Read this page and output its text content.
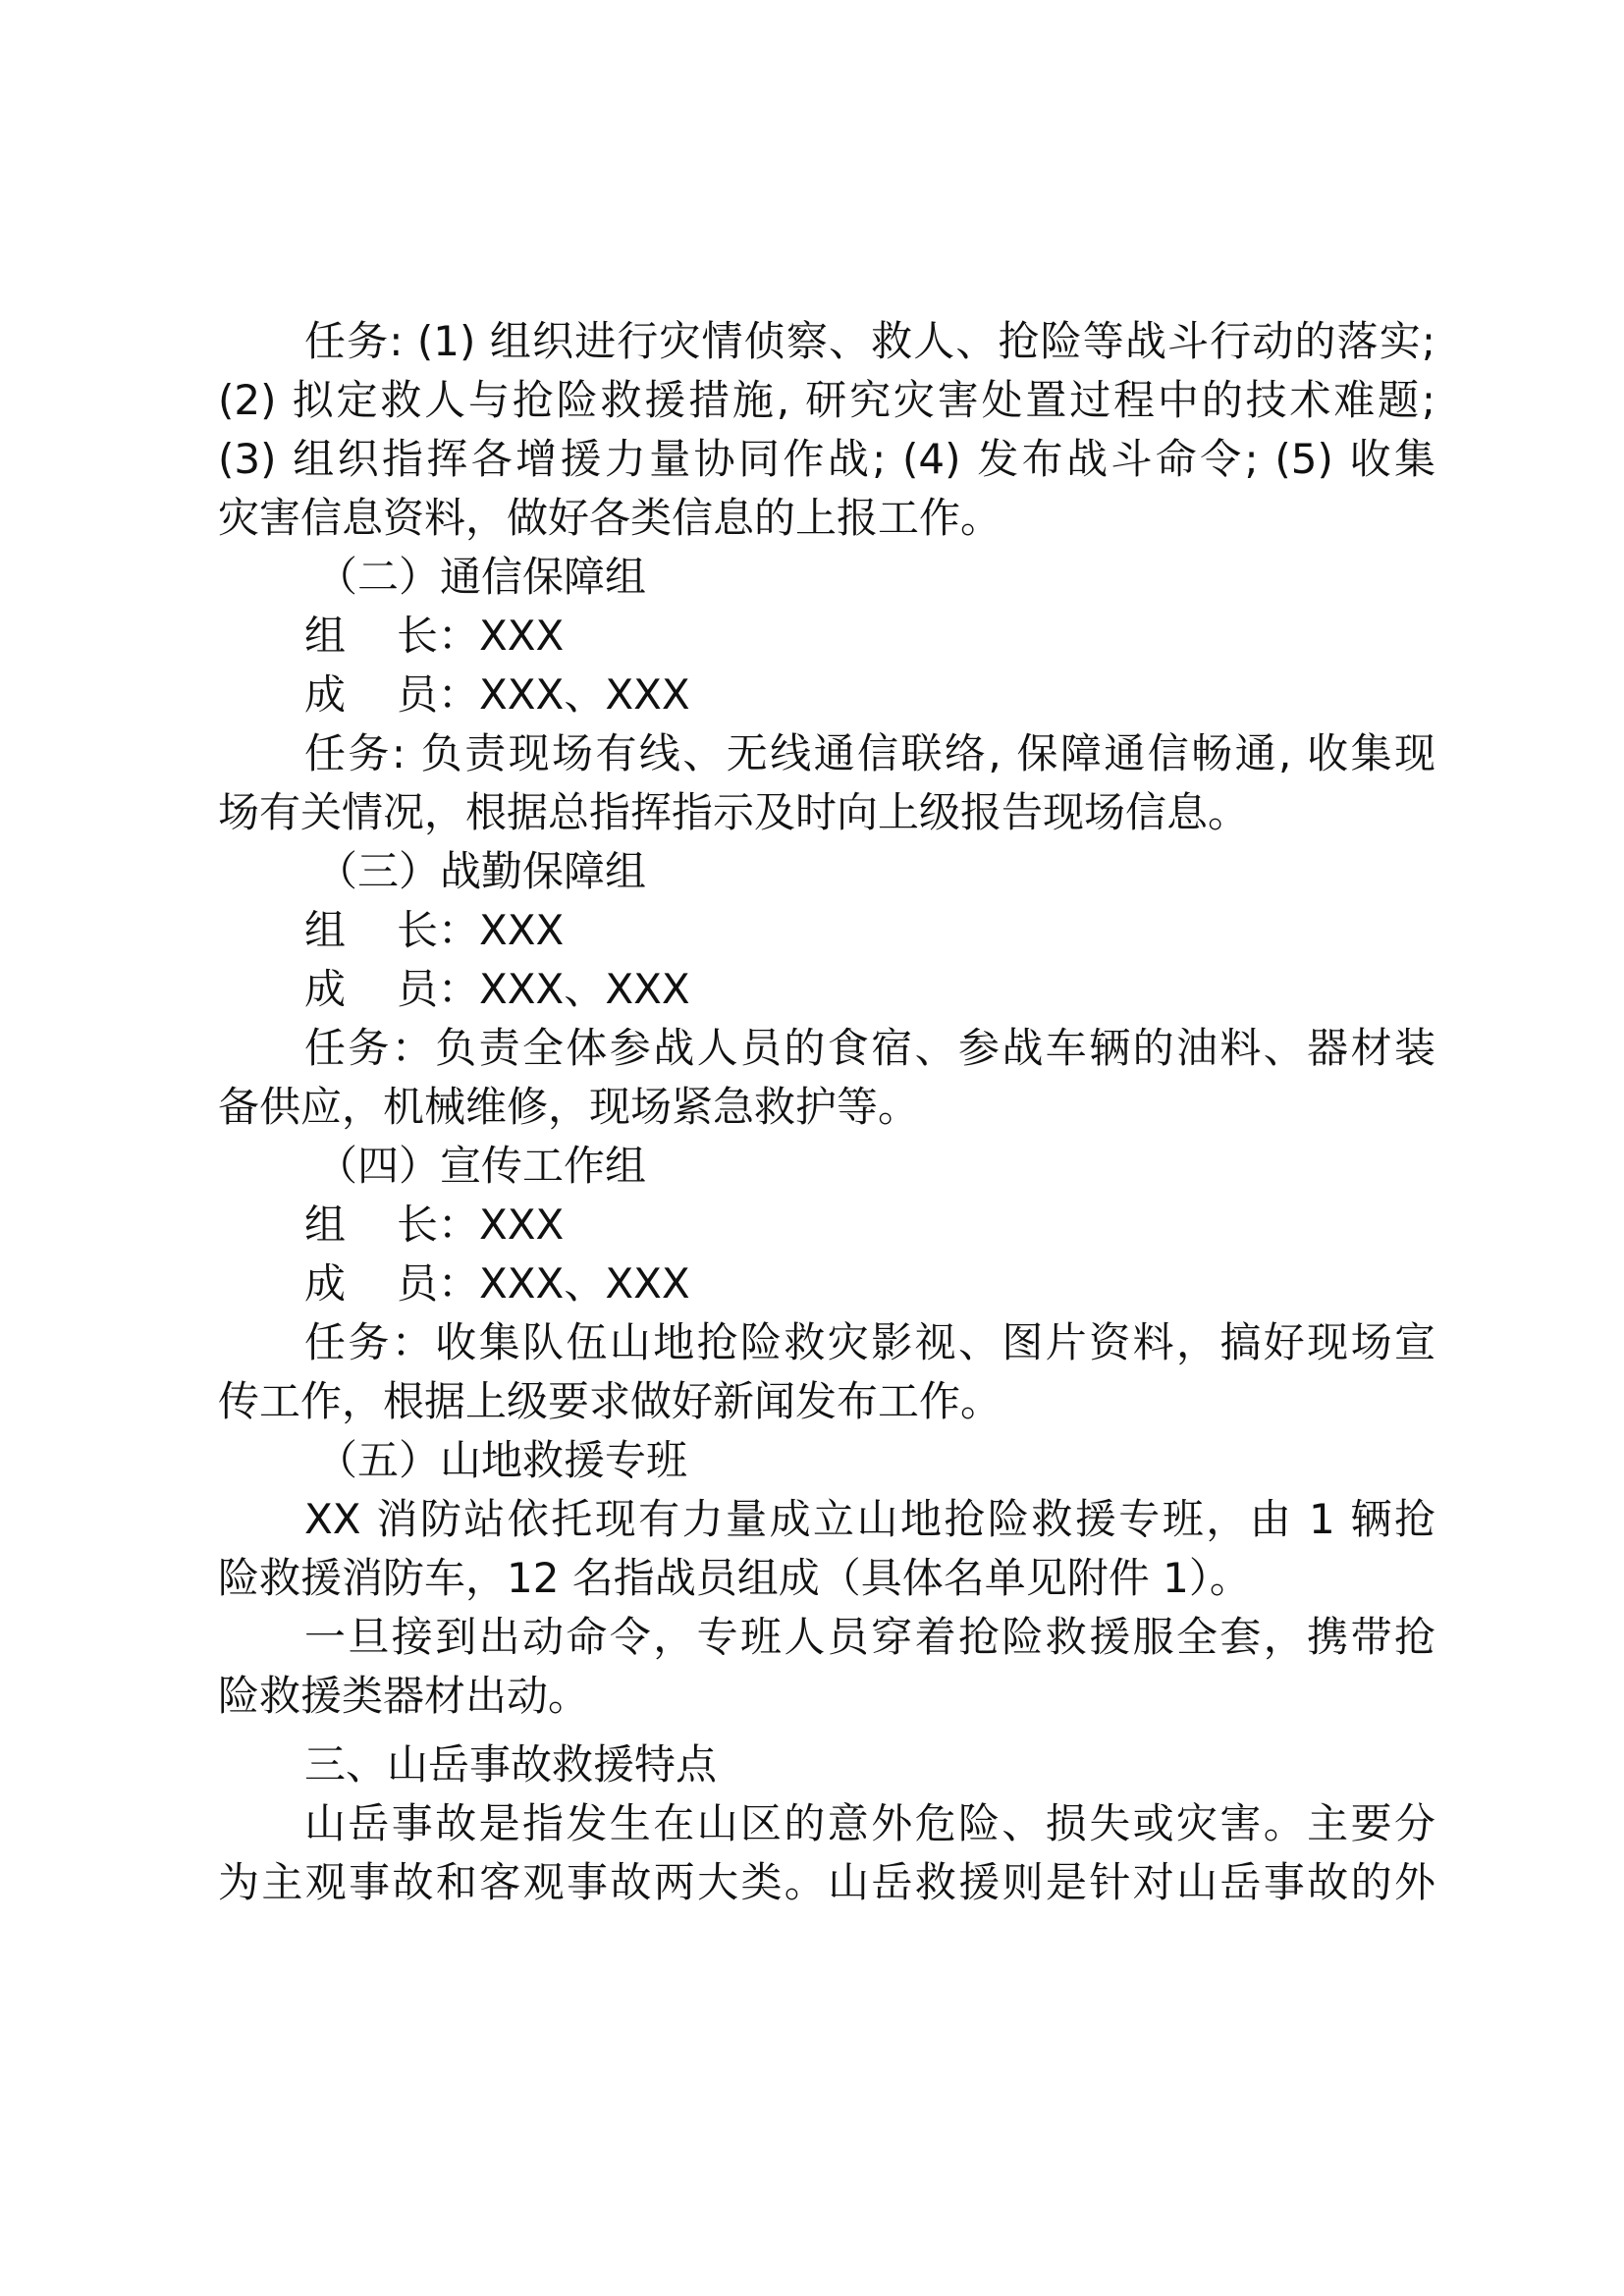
任务: (1) 组织进行灾情侦察、救人、抢险等战斗行动的落实;
(2) 拟定救人与抢险救援措施, 研究灾害处置过程中的技术难题;
(3) 组织指挥各增援力量协同作战; (4) 发布战斗命令; (5) 收集
灾害信息资料，做好各类信息的上报工作。
（二）通信保障组
组 长：XXX
成 员：XXX、XXX
任务: 负责现场有线、无线通信联络, 保障通信畅通, 收集现
场有关情况，根据总指挥指示及时向上级报告现场信息。
（三）战勤保障组
组 长：XXX
成 员：XXX、XXX
任务：负责全体参战人员的食宿、参战车辆的油料、器材装
备供应，机械维修，现场紧急救护等。
（四）宣传工作组
组 长：XXX
成 员：XXX、XXX
任务：收集队伍山地抢险救灾影视、图片资料，搞好现场宣
传工作，根据上级要求做好新闻发布工作。
（五）山地救援专班
XX 消防站依托现有力量成立山地抢险救援专班，由 1 辆抢
险救援消防车，12 名指战员组成（具体名单见附件 1）。
一旦接到出动命令，专班人员穿着抢险救援服全套，携带抢
险救援类器材出动。
三、山岳事故救援特点
山岳事故是指发生在山区的意外危险、损失或灾害。主要分
为主观事故和客观事故两大类。山岳救援则是针对山岳事故的外
